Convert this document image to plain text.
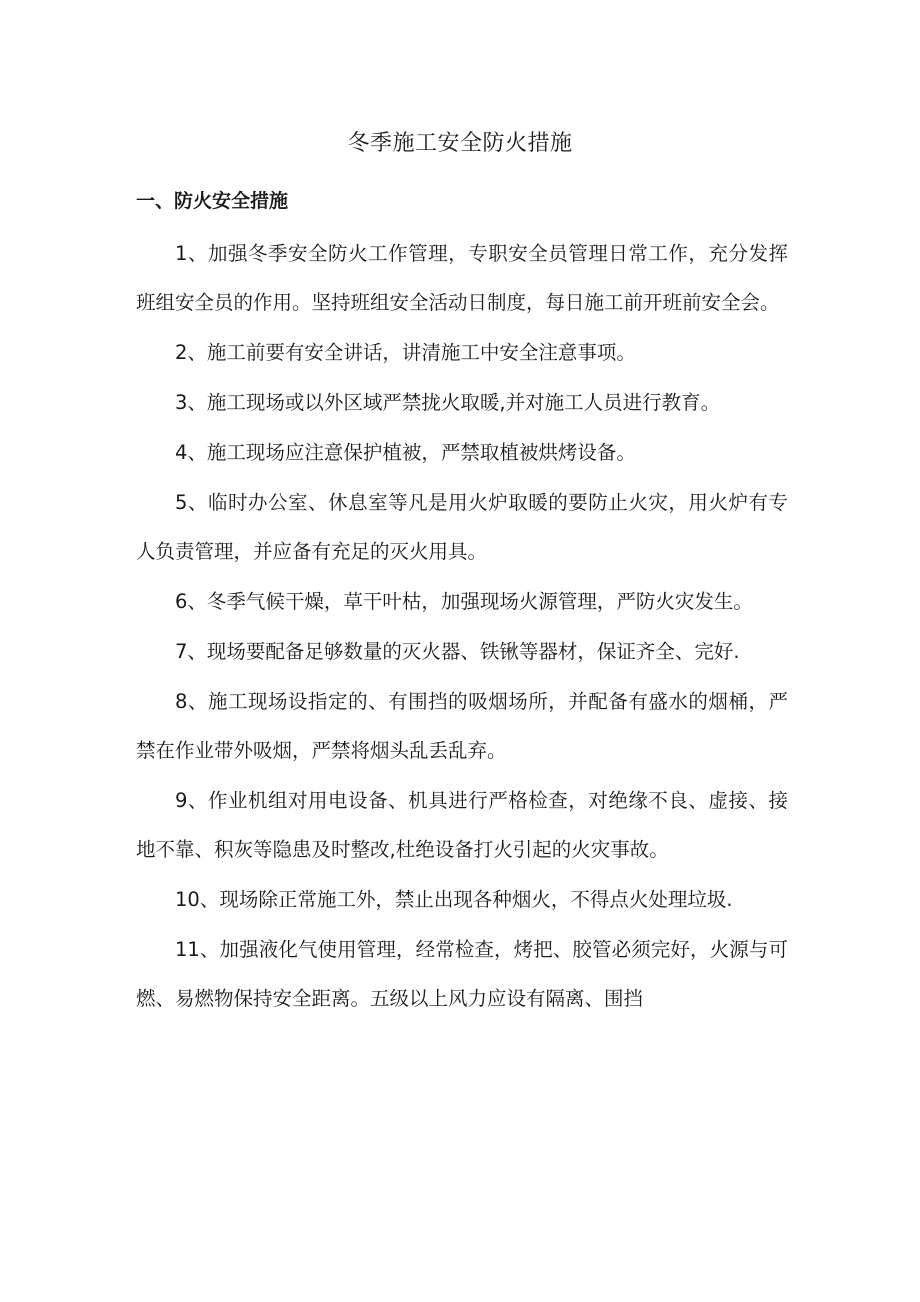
冬季施工安全防火措施
一、防火安全措施

1、加强冬季安全防火工作管理，专职安全员管理日常工作，充分发挥班组安全员的作用。坚持班组安全活动日制度，每日施工前开班前安全会。

2、施工前要有安全讲话，讲清施工中安全注意事项。

3、施工现场或以外区域严禁拢火取暖,并对施工人员进行教育。

4、施工现场应注意保护植被，严禁取植被烘烤设备。

5、临时办公室、休息室等凡是用火炉取暖的要防止火灾，用火炉有专人负责管理，并应备有充足的灭火用具。

6、冬季气候干燥，草干叶枯，加强现场火源管理，严防火灾发生。

7、现场要配备足够数量的灭火器、铁锹等器材，保证齐全、完好.

8、施工现场设指定的、有围挡的吸烟场所，并配备有盛水的烟桶，严禁在作业带外吸烟，严禁将烟头乱丢乱弃。

9、作业机组对用电设备、机具进行严格检查，对绝缘不良、虚接、接地不靠、积灰等隐患及时整改,杜绝设备打火引起的火灾事故。

10、现场除正常施工外，禁止出现各种烟火，不得点火处理垃圾.

11、加强液化气使用管理，经常检查，烤把、胶管必须完好，火源与可燃、易燃物保持安全距离。五级以上风力应设有隔离、围挡
